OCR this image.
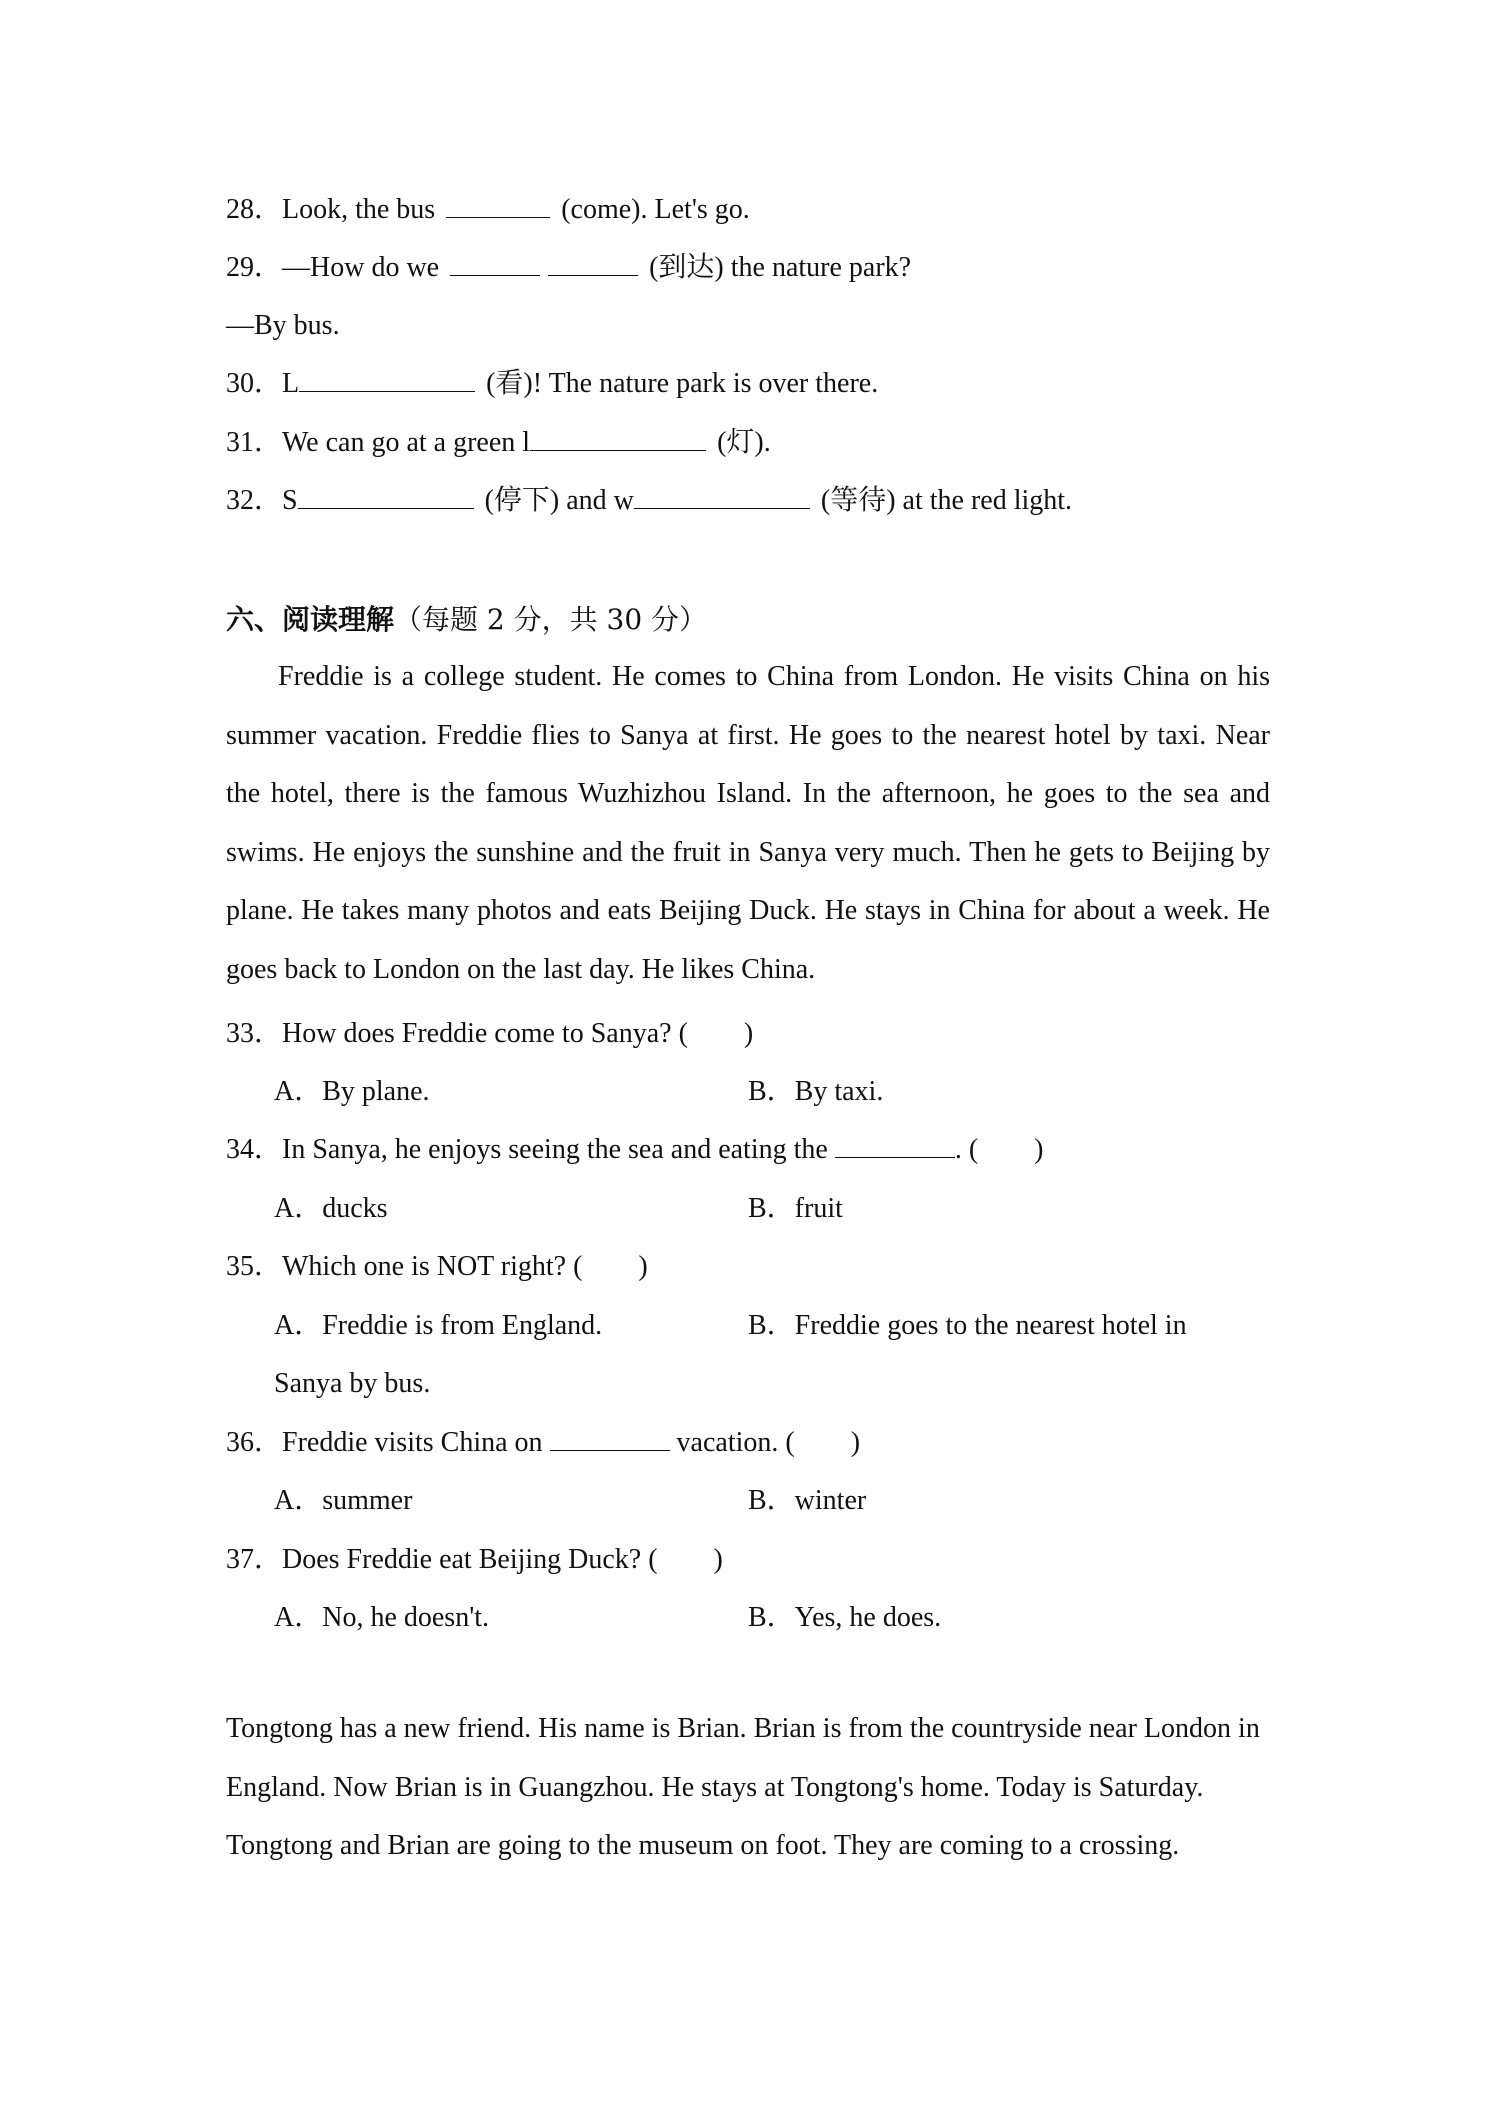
28．Look, the bus	(come). Let's go.
29．—How do we	(到达) the nature park?
—By bus.
30．L	(看)! The nature park is over there.
31．We can go at a green l	(灯).
32．S	(停下) and w	(等待) at the red light.
六、阅读理解（每题 2 分，共 30 分）
Freddie is a college student. He comes to China from London. He visits China on his summer vacation. Freddie flies to Sanya at first. He goes to the nearest hotel by taxi. Near the hotel, there is the famous Wuzhizhou Island. In the afternoon, he goes to the sea and swims. He enjoys the sunshine and the fruit in Sanya very much. Then he gets to Beijing by plane. He takes many photos and eats Beijing Duck. He stays in China for about a week. He goes back to London on the last day. He likes China.
33．How does Freddie come to Sanya? (        )
A．By plane.	B．By taxi.
34．In Sanya, he enjoys seeing the sea and eating the	. (        )
A．ducks	B．fruit
35．Which one is NOT right? (        )
A．Freddie is from England.	B．Freddie goes to the nearest hotel in
Sanya by bus.
36．Freddie visits China on	vacation. (        )
A．summer	B．winter
37．Does Freddie eat Beijing Duck? (        )
A．No, he doesn't.	B．Yes, he does.
Tongtong has a new friend. His name is Brian. Brian is from the countryside near London in England. Now Brian is in Guangzhou. He stays at Tongtong's home. Today is Saturday. Tongtong and Brian are going to the museum on foot. They are coming to a crossing.
